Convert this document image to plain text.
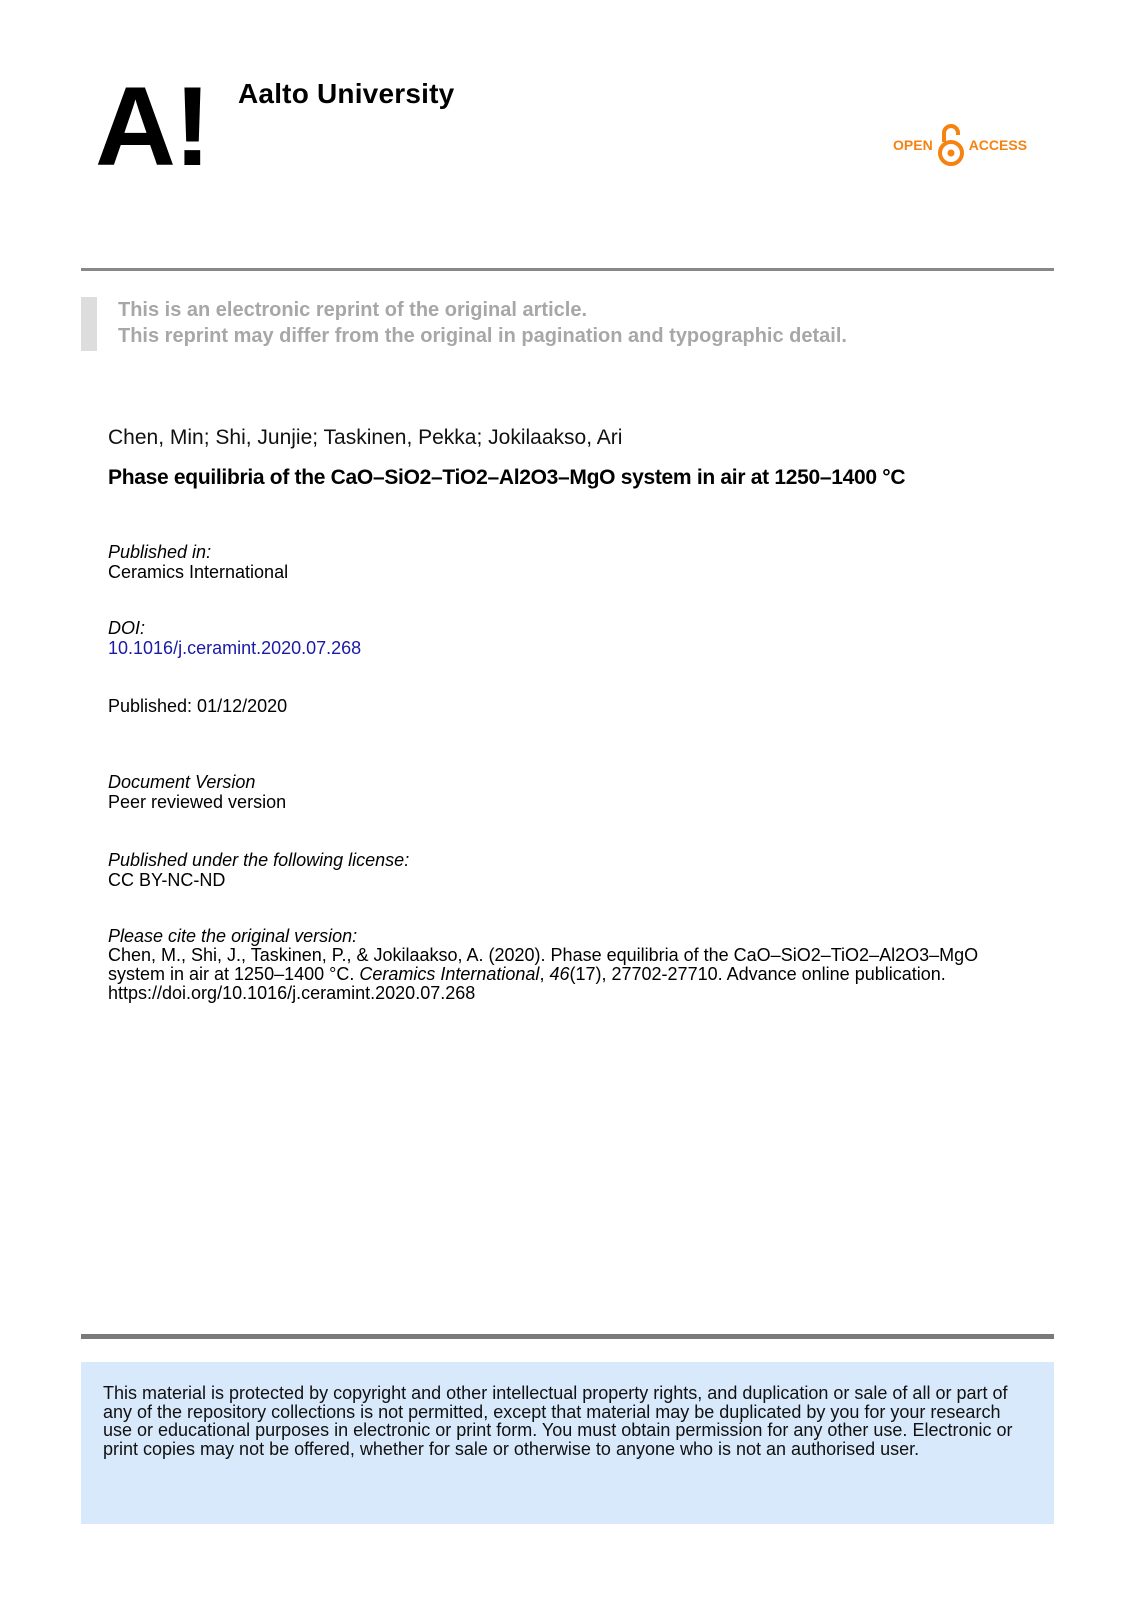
A! Aalto University
OPEN	ACCESS
This is an electronic reprint of the original article.
This reprint may differ from the original in pagination and typographic detail.
Chen, Min; Shi, Junjie; Taskinen, Pekka; Jokilaakso, Ari
Phase equilibria of the CaO–SiO2–TiO2–Al2O3–MgO system in air at 1250–1400 °C
Published in:
Ceramics International
DOI:
10.1016/j.ceramint.2020.07.268
Published: 01/12/2020
Document Version
Peer reviewed version
Published under the following license:
CC BY-NC-ND
Please cite the original version:
Chen, M., Shi, J., Taskinen, P., & Jokilaakso, A. (2020). Phase equilibria of the CaO–SiO2–TiO2–Al2O3–MgO system in air at 1250–1400 °C. Ceramics International, 46(17), 27702-27710. Advance online publication. https://doi.org/10.1016/j.ceramint.2020.07.268
This material is protected by copyright and other intellectual property rights, and duplication or sale of all or part of any of the repository collections is not permitted, except that material may be duplicated by you for your research use or educational purposes in electronic or print form. You must obtain permission for any other use. Electronic or print copies may not be offered, whether for sale or otherwise to anyone who is not an authorised user.
